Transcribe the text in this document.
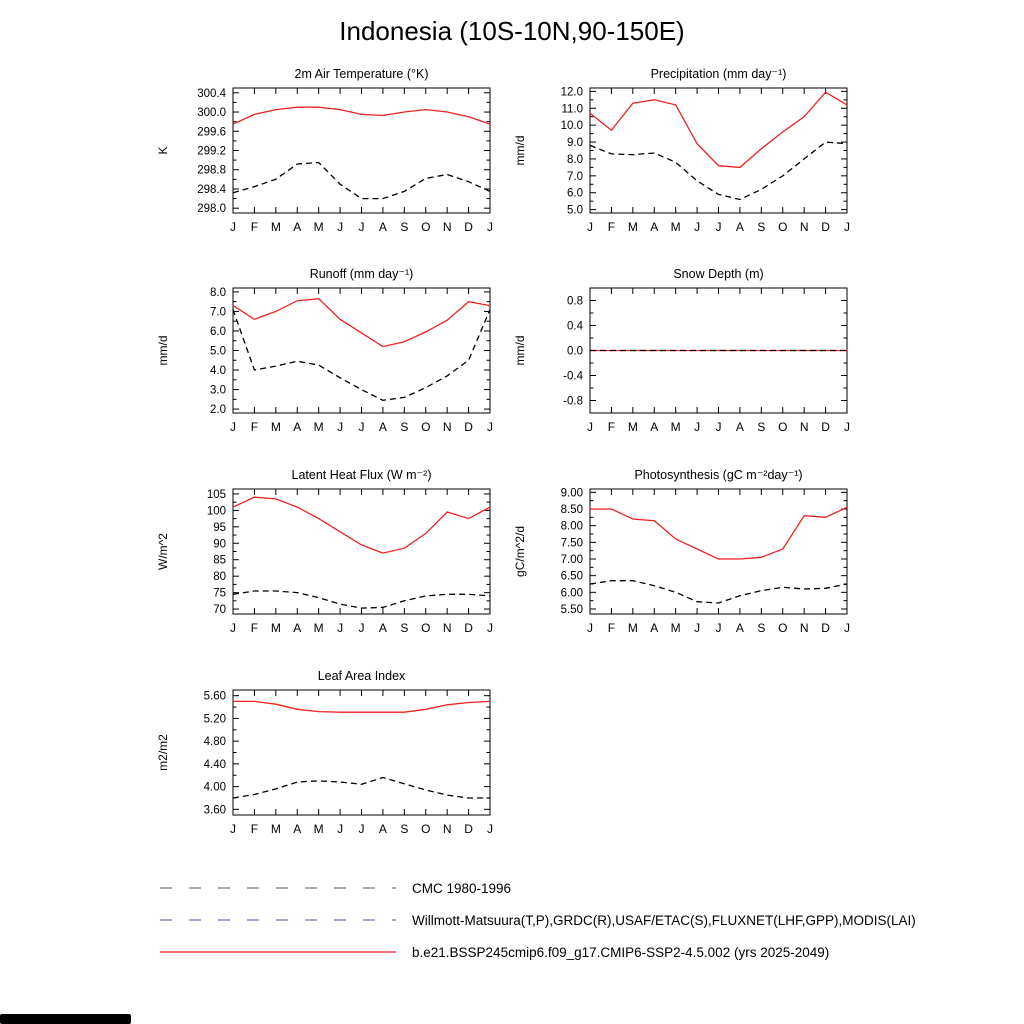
Indonesia (10S-10N,90-150E)
2m Air Temperature (°K)
K
298.0
298.4
298.8
299.2
299.6
300.0
300.4
J F M A M J J A S O N D J
Precipitation (mm day⁻¹)
mm/d
5.0
6.0
7.0
8.0
9.0
10.0
11.0
12.0
J F M A M J J A S O N D J
Runoff (mm day⁻¹)
mm/d
2.0
3.0
4.0
5.0
6.0
7.0
8.0
J F M A M J J A S O N D J
Snow Depth (m)
mm/d
-0.8
-0.4
0.0
0.4
0.8
J F M A M J J A S O N D J
Latent Heat Flux (W m⁻²)
W/m^2
70
75
80
85
90
95
100
105
J F M A M J J A S O N D J
Photosynthesis (gC m⁻²day⁻¹)
gC/m^2/d
5.50
6.00
6.50
7.00
7.50
8.00
8.50
9.00
J F M A M J J A S O N D J
Leaf Area Index
m2/m2
3.60
4.00
4.40
4.80
5.20
5.60
J F M A M J J A S O N D J
CMC 1980-1996
Willmott-Matsuura(T,P),GRDC(R),USAF/ETAC(S),FLUXNET(LHF,GPP),MODIS(LAI)
b.e21.BSSP245cmip6.f09_g17.CMIP6-SSP2-4.5.002 (yrs 2025-2049)
